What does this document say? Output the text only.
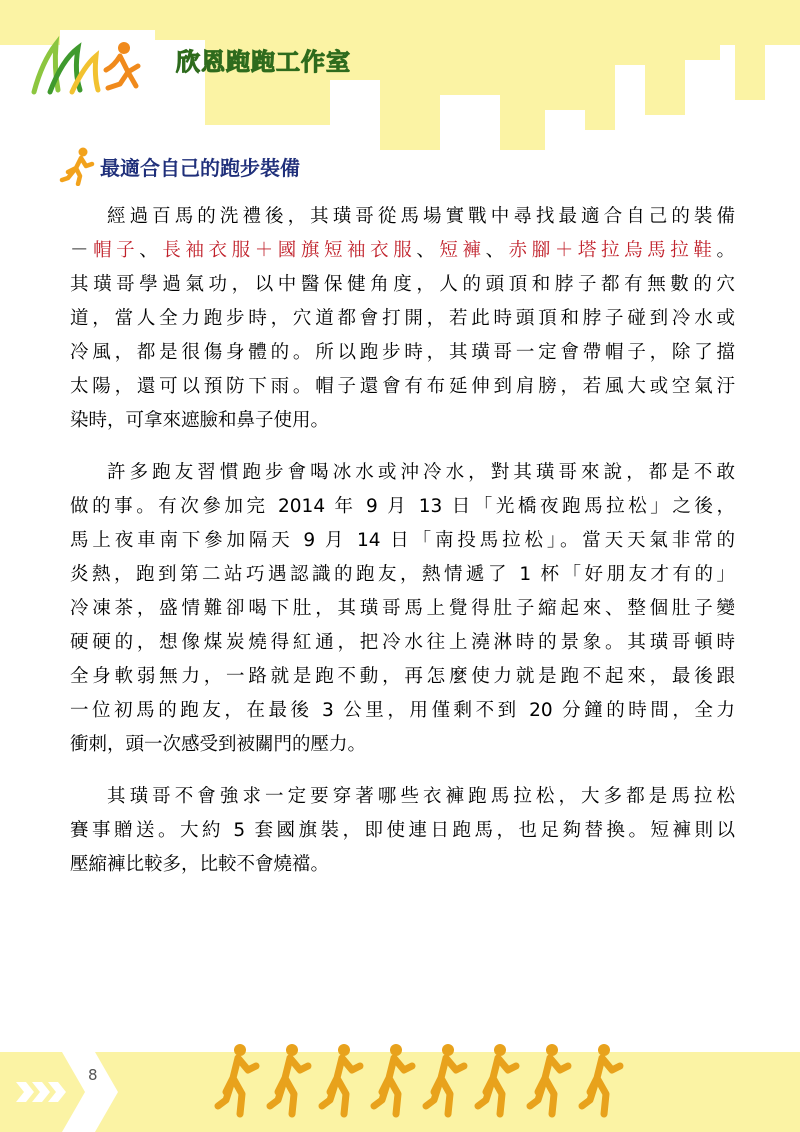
欣恩跑跑工作室
最適合自己的跑步裝備
經過百馬的洗禮後，其璜哥從馬場實戰中尋找最適合自己的裝備
－帽子、長袖衣服＋國旗短袖衣服、短褲、赤腳＋塔拉烏馬拉鞋。
其璜哥學過氣功，以中醫保健角度，人的頭頂和脖子都有無數的穴
道，當人全力跑步時，穴道都會打開，若此時頭頂和脖子碰到冷水或
冷風，都是很傷身體的。所以跑步時，其璜哥一定會帶帽子，除了擋
太陽，還可以預防下雨。帽子還會有布延伸到肩膀，若風大或空氣汙
染時，可拿來遮臉和鼻子使用。
許多跑友習慣跑步會喝冰水或沖冷水，對其璜哥來說，都是不敢
做的事。有次參加完 2014 年 9 月 13 日「光橋夜跑馬拉松」之後，
馬上夜車南下參加隔天 9 月 14 日「南投馬拉松」。當天天氣非常的
炎熱，跑到第二站巧遇認識的跑友，熱情遞了 1 杯「好朋友才有的」
冷凍茶，盛情難卻喝下肚，其璜哥馬上覺得肚子縮起來、整個肚子變
硬硬的，想像煤炭燒得紅通，把冷水往上澆淋時的景象。其璜哥頓時
全身軟弱無力，一路就是跑不動，再怎麼使力就是跑不起來，最後跟
一位初馬的跑友，在最後 3 公里，用僅剩不到 20 分鐘的時間，全力
衝刺，頭一次感受到被關門的壓力。
其璜哥不會強求一定要穿著哪些衣褲跑馬拉松，大多都是馬拉松
賽事贈送。大約 5 套國旗裝，即使連日跑馬，也足夠替換。短褲則以
壓縮褲比較多，比較不會燒襠。
8
